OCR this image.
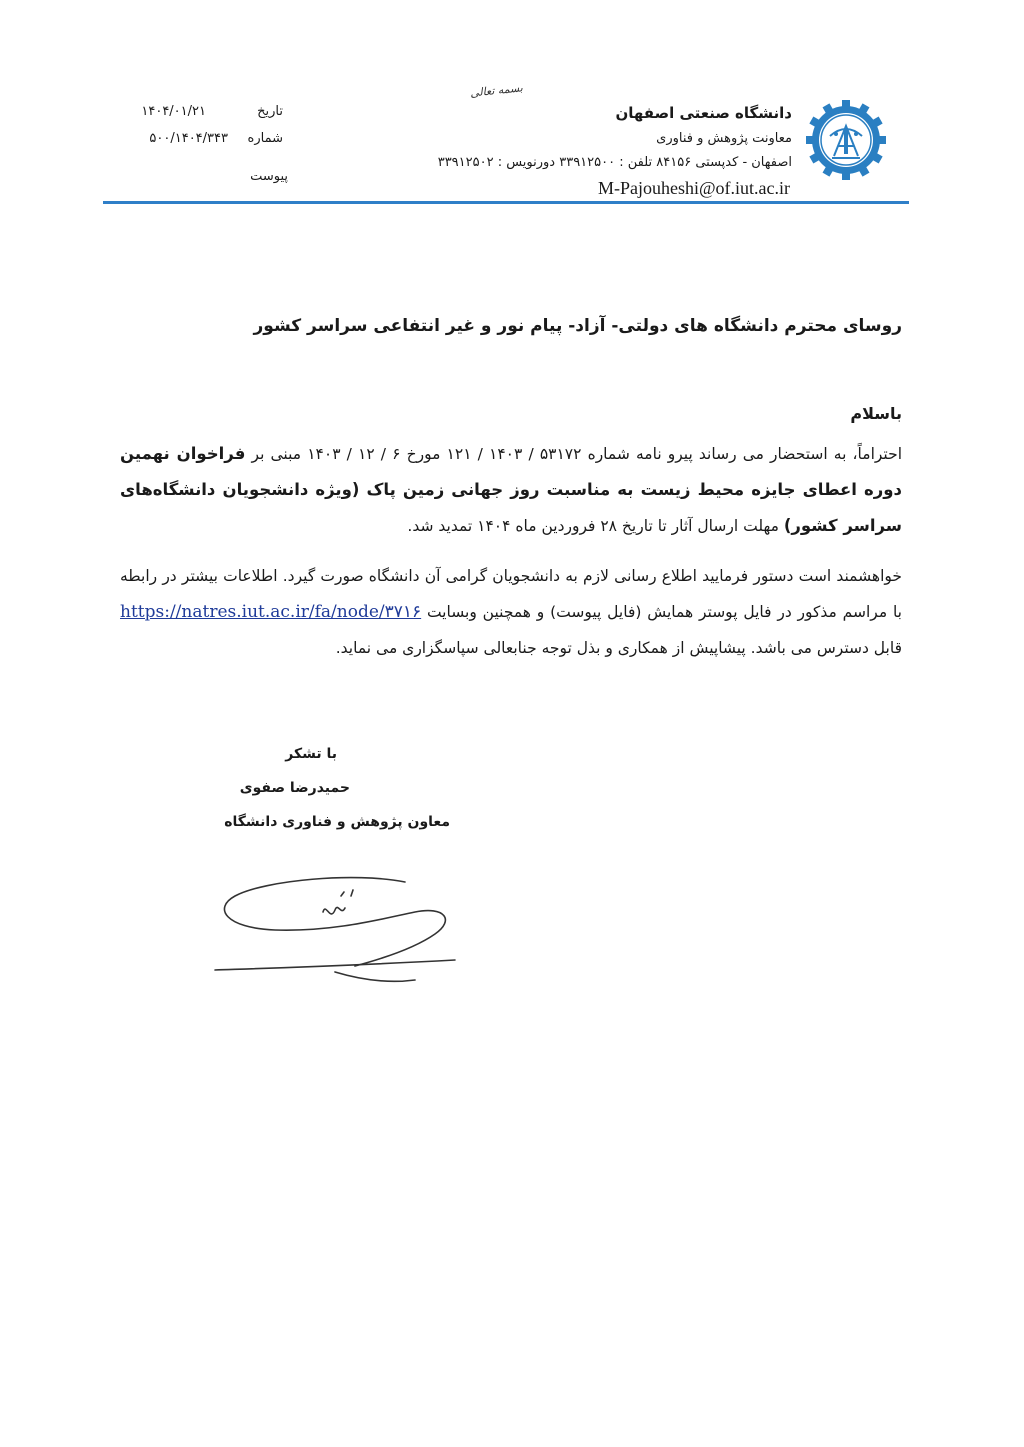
بسمه تعالی
دانشگاه صنعتی اصفهان
معاونت پژوهش و فناوری
اصفهان - کدپستی ۸۴۱۵۶ تلفن : ۳۳۹۱۲۵۰۰ دورنویس : ۳۳۹۱۲۵۰۲
M-Pajouheshi@of.iut.ac.ir
تاریخ
۱۴۰۴/۰۱/۲۱
شماره
۵۰۰/۱۴۰۴/۳۴۳
پیوست
روسای محترم دانشگاه های دولتی- آزاد- پیام نور و غیر انتفاعی سراسر کشور
باسلام
احتراماً، به استحضار می رساند پیرو نامه شماره ۵۳۱۷۲ / ۱۴۰۳ / ۱۲۱ مورخ ۶ / ۱۲ / ۱۴۰۳ مبنی بر فراخوان نهمین دوره اعطای جایزه محیط زیست به مناسبت روز جهانی زمین پاک (ویژه دانشجویان دانشگاه‌های سراسر کشور) مهلت ارسال آثار تا تاریخ ۲۸ فروردین ماه ۱۴۰۴ تمدید شد.
خواهشمند است دستور فرمایید اطلاع رسانی لازم به دانشجویان گرامی آن دانشگاه صورت گیرد. اطلاعات بیشتر در رابطه با مراسم مذکور در فایل پوستر همایش (فایل پیوست) و همچنین وبسایت https://natres.iut.ac.ir/fa/node/۳۷۱۶ قابل دسترس می باشد. پیشاپیش از همکاری و بذل توجه جنابعالی سپاسگزاری می نماید.
با تشکر
حمیدرضا صفوی
معاون پژوهش و فناوری دانشگاه
